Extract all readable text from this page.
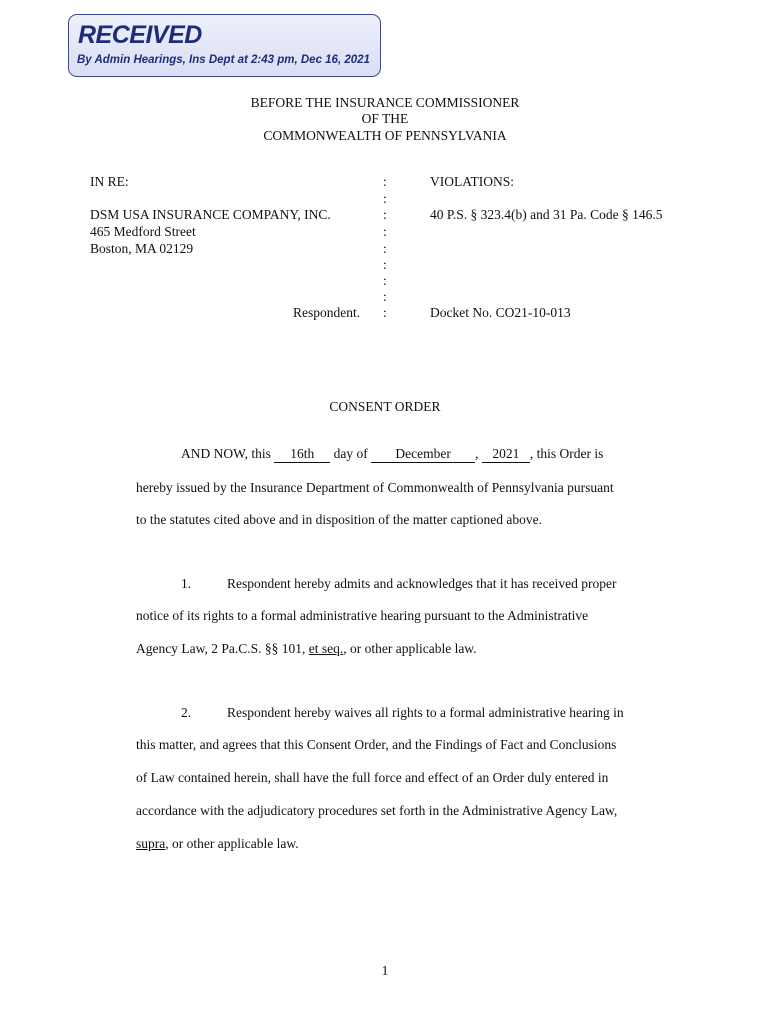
RECEIVED
By Admin Hearings, Ins Dept at 2:43 pm, Dec 16, 2021
BEFORE THE INSURANCE COMMISSIONER
OF THE
COMMONWEALTH OF PENNSYLVANIA
IN RE:
DSM USA INSURANCE COMPANY, INC.
465 Medford Street
Boston, MA 02129
Respondent.
:
:
:
:
:
:
:
:
:
VIOLATIONS:
40 P.S. § 323.4(b) and 31 Pa. Code § 146.5
Docket No. CO21-10-013
CONSENT ORDER
AND NOW, this 16th day of December , 2021 , this Order is
hereby issued by the Insurance Department of Commonwealth of Pennsylvania pursuant
to the statutes cited above and in disposition of the matter captioned above.
1.	Respondent hereby admits and acknowledges that it has received proper
notice of its rights to a formal administrative hearing pursuant to the Administrative
Agency Law, 2 Pa.C.S. §§ 101, et seq., or other applicable law.
2.	Respondent hereby waives all rights to a formal administrative hearing in
this matter, and agrees that this Consent Order, and the Findings of Fact and Conclusions
of Law contained herein, shall have the full force and effect of an Order duly entered in
accordance with the adjudicatory procedures set forth in the Administrative Agency Law,
supra, or other applicable law.
1
